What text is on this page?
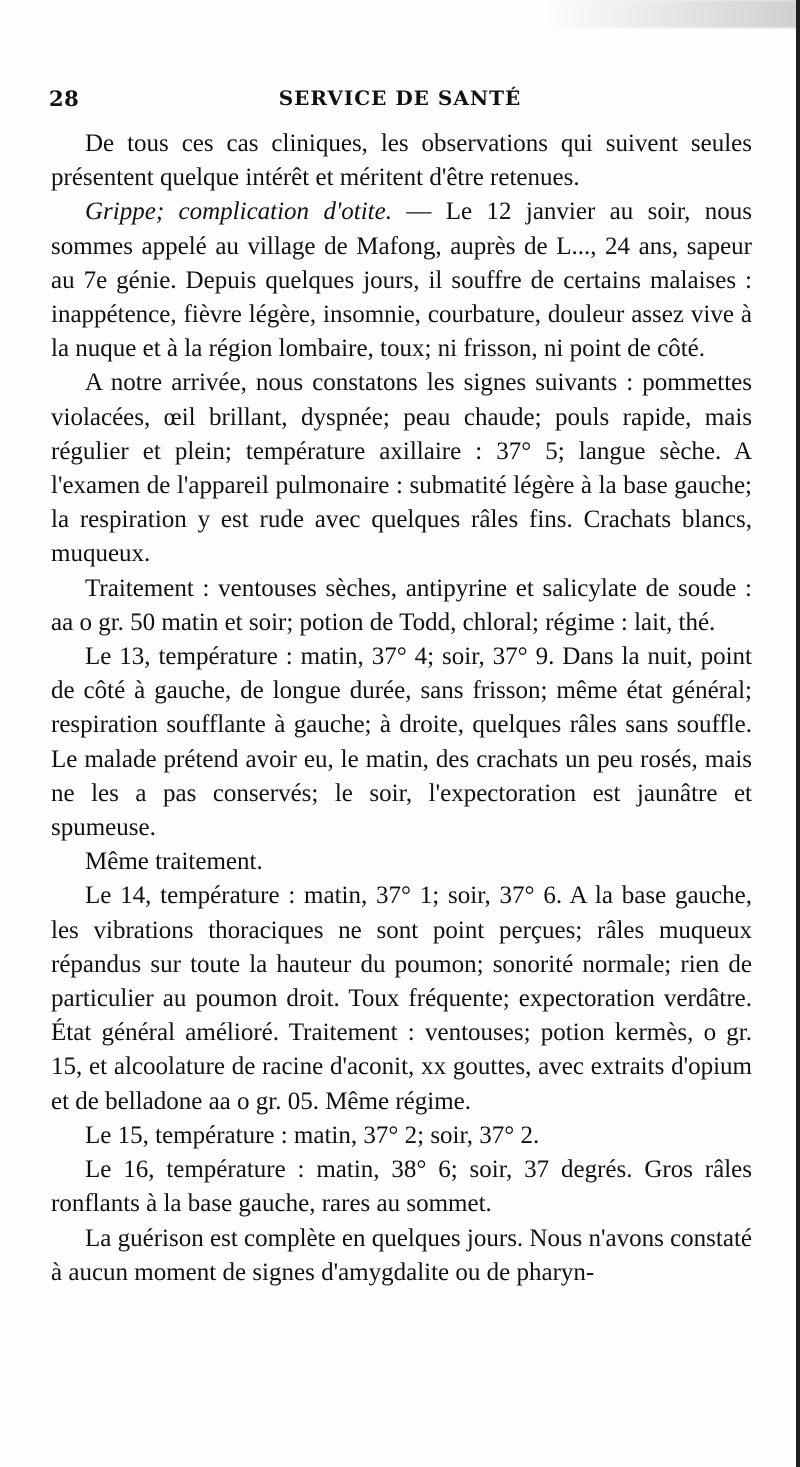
28	SERVICE DE SANTÉ

De tous ces cas cliniques, les observations qui suivent seules présentent quelque intérêt et méritent d'être retenues.

Grippe; complication d'otite. — Le 12 janvier au soir, nous sommes appelé au village de Mafong, auprès de L..., 24 ans, sapeur au 7e génie. Depuis quelques jours, il souffre de certains malaises : inappétence, fièvre légère, insomnie, courbature, douleur assez vive à la nuque et à la région lombaire, toux; ni frisson, ni point de côté.

A notre arrivée, nous constatons les signes suivants : pommettes violacées, œil brillant, dyspnée; peau chaude; pouls rapide, mais régulier et plein; température axillaire : 37° 5; langue sèche. A l'examen de l'appareil pulmonaire : submatité légère à la base gauche; la respiration y est rude avec quelques râles fins. Crachats blancs, muqueux.

Traitement : ventouses sèches, antipyrine et salicylate de soude : aa o gr. 50 matin et soir; potion de Todd, chloral; régime : lait, thé.

Le 13, température : matin, 37° 4; soir, 37° 9. Dans la nuit, point de côté à gauche, de longue durée, sans frisson; même état général; respiration soufflante à gauche; à droite, quelques râles sans souffle. Le malade prétend avoir eu, le matin, des crachats un peu rosés, mais ne les a pas conservés; le soir, l'expectoration est jaunâtre et spumeuse.

Même traitement.

Le 14, température : matin, 37° 1; soir, 37° 6. A la base gauche, les vibrations thoraciques ne sont point perçues; râles muqueux répandus sur toute la hauteur du poumon; sonorité normale; rien de particulier au poumon droit. Toux fréquente; expectoration verdâtre. État général amélioré. Traitement : ventouses; potion kermès, o gr. 15, et alcoolature de racine d'aconit, xx gouttes, avec extraits d'opium et de belladone aa o gr. 05. Même régime.

Le 15, température : matin, 37° 2; soir, 37° 2.

Le 16, température : matin, 38° 6; soir, 37 degrés. Gros râles ronflants à la base gauche, rares au sommet.

La guérison est complète en quelques jours. Nous n'avons constaté à aucun moment de signes d'amygdalite ou de pharyn-
